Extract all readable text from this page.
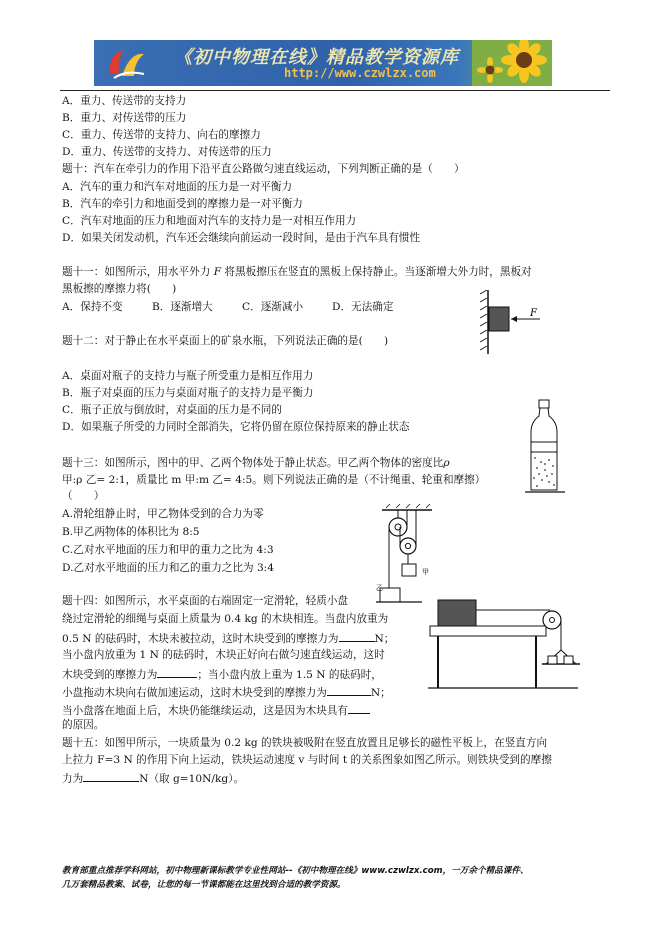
《初中物理在线》精品教学资源库
http://www.czwlzx.com
A．重力、传送带的支持力
B．重力、对传送带的压力
C．重力、传送带的支持力、向右的摩擦力
D．重力、传送带的支持力、对传送带的压力
题十：汽车在牵引力的作用下沿平直公路做匀速直线运动，下列判断正确的是（　　）
A．汽车的重力和汽车对地面的压力是一对平衡力
B．汽车的牵引力和地面受到的摩擦力是一对平衡力
C．汽车对地面的压力和地面对汽车的支持力是一对相互作用力
D．如果关闭发动机，汽车还会继续向前运动一段时间，是由于汽车具有惯性
题十一：如图所示，用水平外力 F 将黑板擦压在竖直的黑板上保持静止。当逐渐增大外力时，黑板对
黑板擦的摩擦力将(　　)
A．保持不变	B．逐渐增大	C．逐渐减小	D．无法确定
F
题十二：对于静止在水平桌面上的矿泉水瓶，下列说法正确的是(　　)
A．桌面对瓶子的支持力与瓶子所受重力是相互作用力
B．瓶子对桌面的压力与桌面对瓶子的支持力是平衡力
C．瓶子正放与倒放时，对桌面的压力是不同的
D．如果瓶子所受的力同时全部消失，它将仍留在原位保持原来的静止状态
题十三：如图所示，图中的甲、乙两个物体处于静止状态。甲乙两个物体的密度比ρ
甲:ρ 乙= 2:1，质量比 m 甲:m 乙= 4:5。则下列说法正确的是（不计绳重、轮重和摩擦）
（　　）
A.滑轮组静止时，甲乙物体受到的合力为零
B.甲乙两物体的体积比为 8:5
C.乙对水平地面的压力和甲的重力之比为 4:3
D.乙对水平地面的压力和乙的重力之比为 3:4	甲
乙
题十四：如图所示，水平桌面的右端固定一定滑轮，轻质小盘
绕过定滑轮的细绳与桌面上质量为 0.4 kg 的木块相连。当盘内放重为
0.5 N 的砝码时，木块未被拉动，这时木块受到的摩擦力为	N；
当小盘内放重为 1 N 的砝码时，木块正好向右做匀速直线运动，这时
木块受到的摩擦力为	；当小盘内放上重为 1.5 N 的砝码时，
小盘拖动木块向右做加速运动，这时木块受到的摩擦力为	N；
当小盘落在地面上后，木块仍能继续运动，这是因为木块具有
的原因。
题十五：如图甲所示，一块质量为 0.2 kg 的铁块被吸附在竖直放置且足够长的磁性平板上，在竖直方向
上拉力 F=3 N 的作用下向上运动，铁块运动速度 v 与时间 t 的关系图象如图乙所示。则铁块受到的摩擦
力为	N（取 g=10N/kg）。
教育部重点推荐学科网站，初中物理新课标教学专业性网站--《初中物理在线》www.czwlzx.com，一万余个精品课件、
几万套精品教案、试卷，让您的每一节课都能在这里找到合适的教学资源。
